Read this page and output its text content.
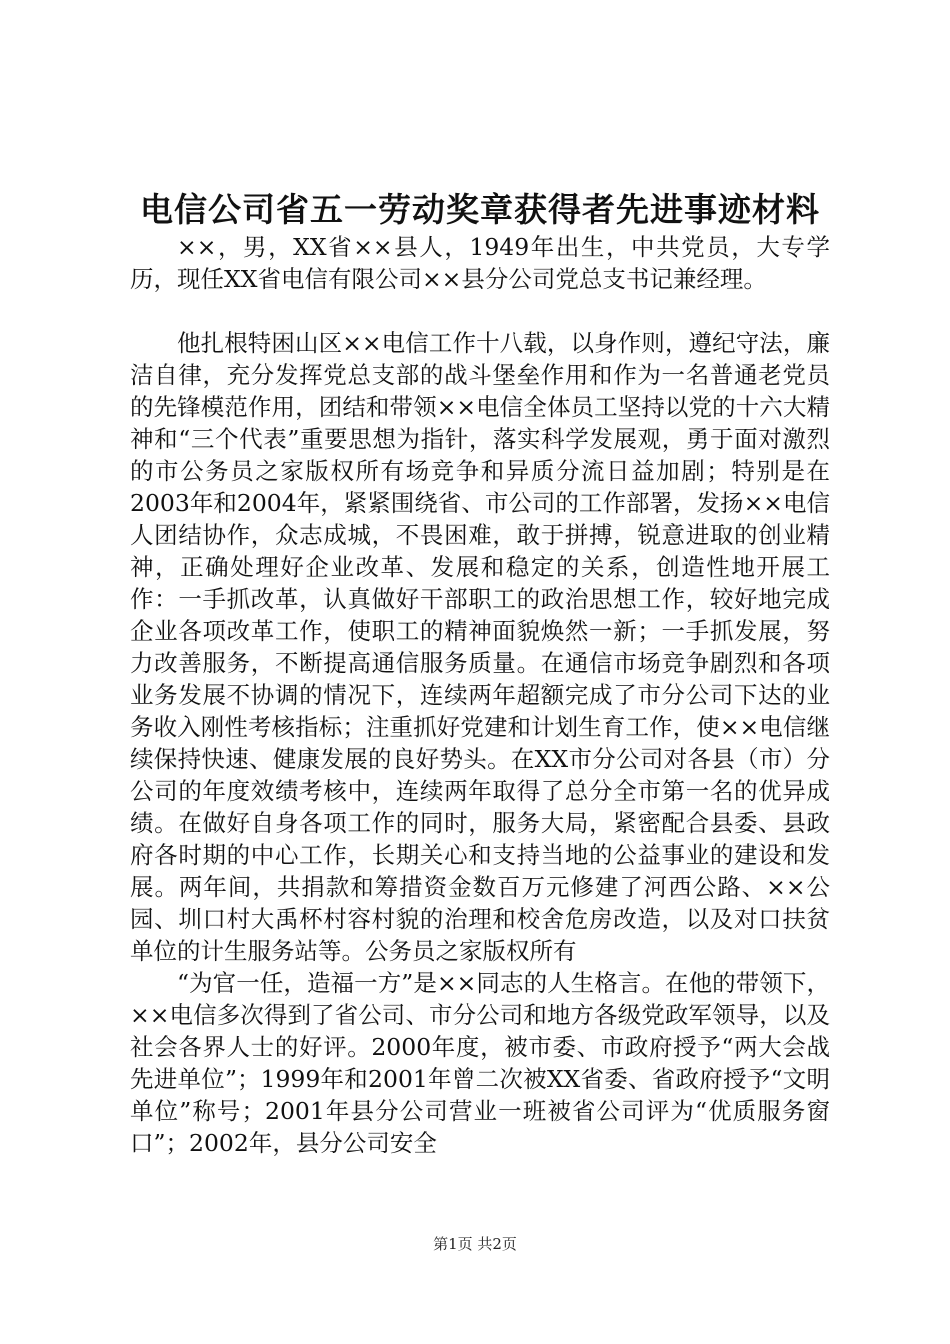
电信公司省五一劳动奖章获得者先进事迹材料

××，男，XX省××县人，1949年出生，中共党员，大专学历，现任XX省电信有限公司××县分公司党总支书记兼经理。

他扎根特困山区××电信工作十八载，以身作则，遵纪守法，廉洁自律，充分发挥党总支部的战斗堡垒作用和作为一名普通老党员的先锋模范作用，团结和带领××电信全体员工坚持以党的十六大精神和“三个代表”重要思想为指针，落实科学发展观，勇于面对激烈的市公务员之家版权所有场竞争和异质分流日益加剧；特别是在2003年和2004年，紧紧围绕省、市公司的工作部署，发扬××电信人团结协作，众志成城，不畏困难，敢于拼搏，锐意进取的创业精神，正确处理好企业改革、发展和稳定的关系，创造性地开展工作：一手抓改革，认真做好干部职工的政治思想工作，较好地完成企业各项改革工作，使职工的精神面貌焕然一新；一手抓发展，努力改善服务，不断提高通信服务质量。在通信市场竞争剧烈和各项业务发展不协调的情况下，连续两年超额完成了市分公司下达的业务收入刚性考核指标；注重抓好党建和计划生育工作，使××电信继续保持快速、健康发展的良好势头。在XX市分公司对各县（市）分公司的年度效绩考核中，连续两年取得了总分全市第一名的优异成绩。在做好自身各项工作的同时，服务大局，紧密配合县委、县政府各时期的中心工作，长期关心和支持当地的公益事业的建设和发展。两年间，共捐款和筹措资金数百万元修建了河西公路、××公园、圳口村大禹杯村容村貌的治理和校舍危房改造，以及对口扶贫单位的计生服务站等。公务员之家版权所有

“为官一任，造福一方”是××同志的人生格言。在他的带领下，××电信多次得到了省公司、市分公司和地方各级党政军领导，以及社会各界人士的好评。2000年度，被市委、市政府授予“两大会战先进单位”；1999年和2001年曾二次被XX省委、省政府授予“文明单位”称号；2001年县分公司营业一班被省公司评为“优质服务窗口”；2002年，县分公司安全

第1页 共2页
